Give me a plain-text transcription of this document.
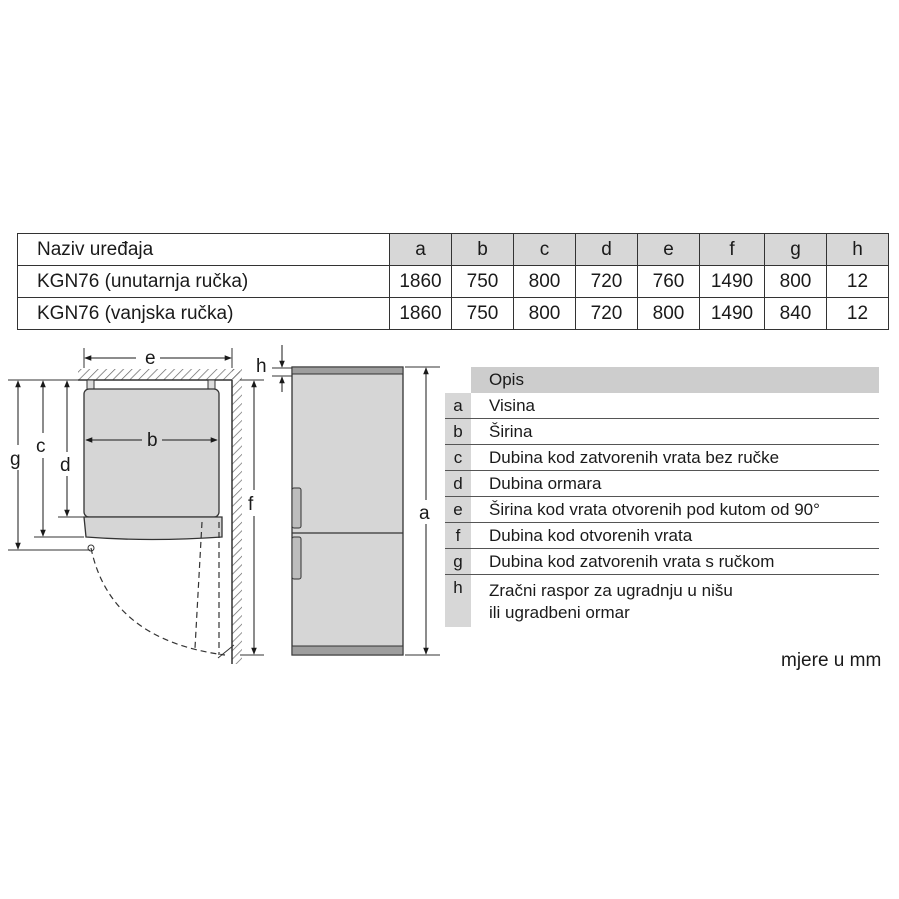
Naziv uređaja	a	b	c	d	e	f	g	h
KGN76 (unutarnja ručka)	1860	750	800	720	760	1490	800	12
KGN76 (vanjska ručka)	1860	750	800	720	800	1490	840	12
e
b
g
c
d
f
h
a
Opis
a	Visina
b	Širina
c	Dubina kod zatvorenih vrata bez ručke
d	Dubina ormara
e	Širina kod vrata otvorenih pod kutom od 90°
f	Dubina kod otvorenih vrata
g	Dubina kod zatvorenih vrata s ručkom
h	Zračni raspor za ugradnju u nišu
ili ugradbeni ormar
mjere u mm
